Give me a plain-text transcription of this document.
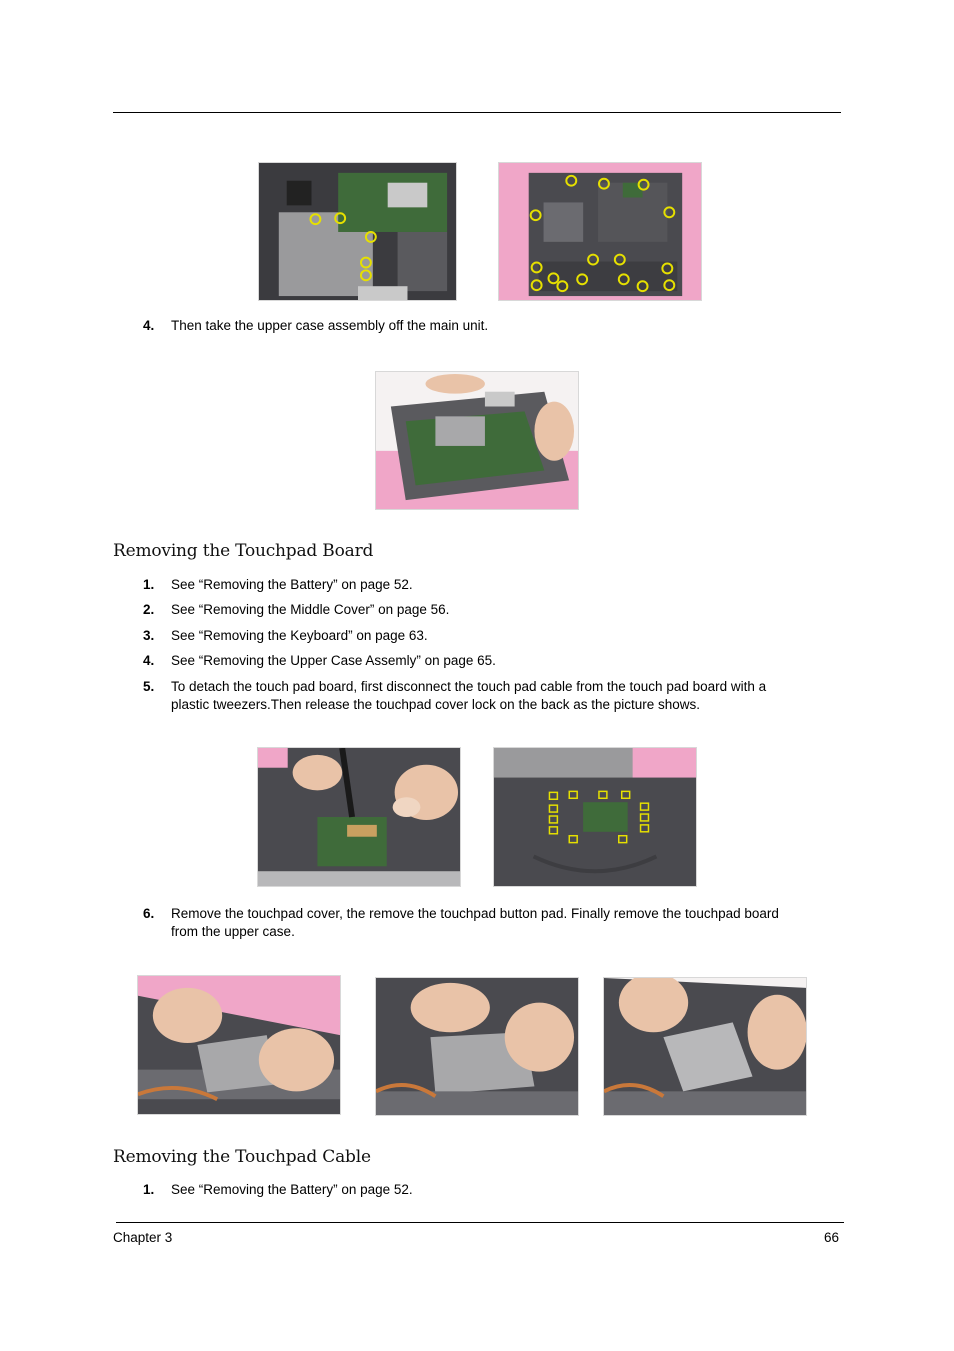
4.	Then take the upper case assembly off the main unit.
Removing the Touchpad Board
1.	See “Removing the Battery” on page 52.
2.	See “Removing the Middle Cover” on page 56.
3.	See “Removing the Keyboard” on page 63.
4.	See “Removing the Upper Case Assemly” on page 65.
5.	To detach the touch pad board, first disconnect the touch pad cable from the touch pad board with a
plastic tweezers.Then release the touchpad cover lock on the back as the picture shows.
6.	Remove the touchpad cover, the remove the touchpad button pad. Finally remove the touchpad board
from the upper case.
Removing the Touchpad Cable
1.	See “Removing the Battery” on page 52.
Chapter 3	66
